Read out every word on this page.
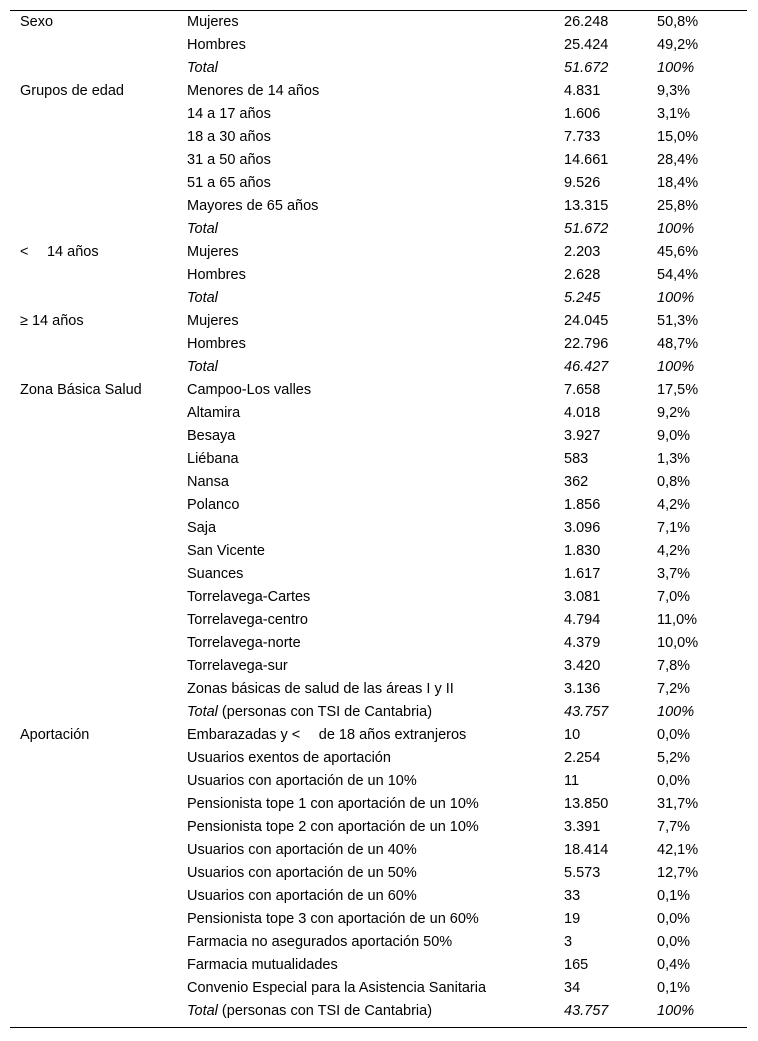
Sexo	Mujeres	26.248	50,8%
	Hombres	25.424	49,2%
	Total	51.672	100%
Grupos de edad	Menores de 14 años	4.831	9,3%
	14 a 17 años	1.606	3,1%
	18 a 30 años	7.733	15,0%
	31 a 50 años	14.661	28,4%
	51 a 65 años	9.526	18,4%
	Mayores de 65 años	13.315	25,8%
	Total	51.672	100%
<  14 años	Mujeres	2.203	45,6%
	Hombres	2.628	54,4%
	Total	5.245	100%
≥ 14 años	Mujeres	24.045	51,3%
	Hombres	22.796	48,7%
	Total	46.427	100%
Zona Básica Salud	Campoo-Los valles	7.658	17,5%
	Altamira	4.018	9,2%
	Besaya	3.927	9,0%
	Liébana	583	1,3%
	Nansa	362	0,8%
	Polanco	1.856	4,2%
	Saja	3.096	7,1%
	San Vicente	1.830	4,2%
	Suances	1.617	3,7%
	Torrelavega-Cartes	3.081	7,0%
	Torrelavega-centro	4.794	11,0%
	Torrelavega-norte	4.379	10,0%
	Torrelavega-sur	3.420	7,8%
	Zonas básicas de salud de las áreas I y II	3.136	7,2%
	Total (personas con TSI de Cantabria)	43.757	100%
Aportación	Embarazadas y <  de 18 años extranjeros	10	0,0%
	Usuarios exentos de aportación	2.254	5,2%
	Usuarios con aportación de un 10%	11	0,0%
	Pensionista tope 1 con aportación de un 10%	13.850	31,7%
	Pensionista tope 2 con aportación de un 10%	3.391	7,7%
	Usuarios con aportación de un 40%	18.414	42,1%
	Usuarios con aportación de un 50%	5.573	12,7%
	Usuarios con aportación de un 60%	33	0,1%
	Pensionista tope 3 con aportación de un 60%	19	0,0%
	Farmacia no asegurados aportación 50%	3	0,0%
	Farmacia mutualidades	165	0,4%
	Convenio Especial para la Asistencia Sanitaria	34	0,1%
	Total (personas con TSI de Cantabria)	43.757	100%
